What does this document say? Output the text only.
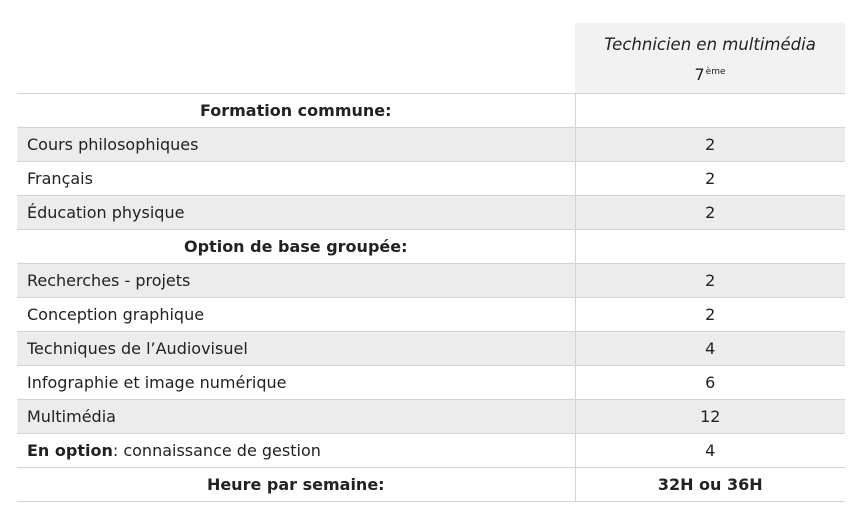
	Technicien en multimédia
7ème

Formation commune:	
Cours philosophiques	2
Français	2
Éducation physique	2
Option de base groupée:	
Recherches - projets	2
Conception graphique	2
Techniques de l’Audiovisuel	4
Infographie et image numérique	6
Multimédia	12
En option: connaissance de gestion	4
Heure par semaine:	32H ou 36H
